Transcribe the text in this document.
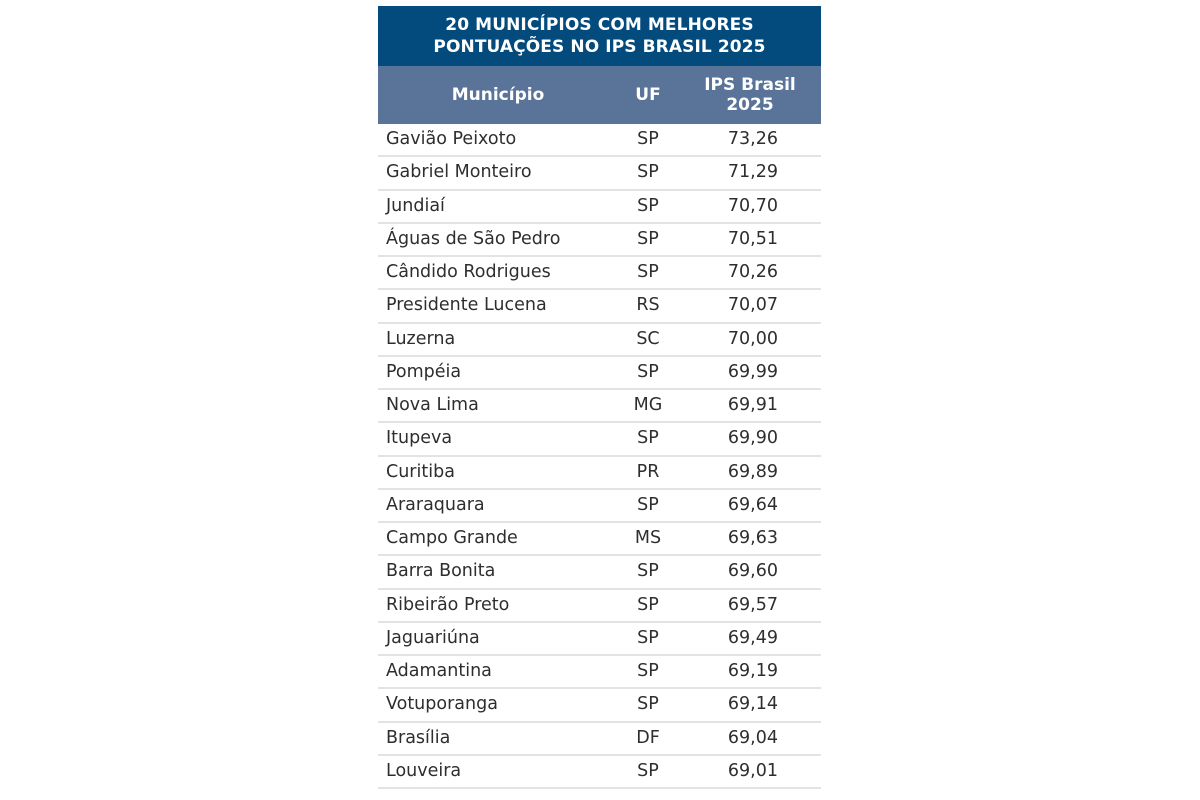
20 MUNICÍPIOS COM MELHORES
PONTUAÇÕES NO IPS BRASIL 2025
Município	UF	IPS Brasil
2025
Gavião Peixoto	SP	73,26
Gabriel Monteiro	SP	71,29
Jundiaí	SP	70,70
Águas de São Pedro	SP	70,51
Cândido Rodrigues	SP	70,26
Presidente Lucena	RS	70,07
Luzerna	SC	70,00
Pompéia	SP	69,99
Nova Lima	MG	69,91
Itupeva	SP	69,90
Curitiba	PR	69,89
Araraquara	SP	69,64
Campo Grande	MS	69,63
Barra Bonita	SP	69,60
Ribeirão Preto	SP	69,57
Jaguariúna	SP	69,49
Adamantina	SP	69,19
Votuporanga	SP	69,14
Brasília	DF	69,04
Louveira	SP	69,01
